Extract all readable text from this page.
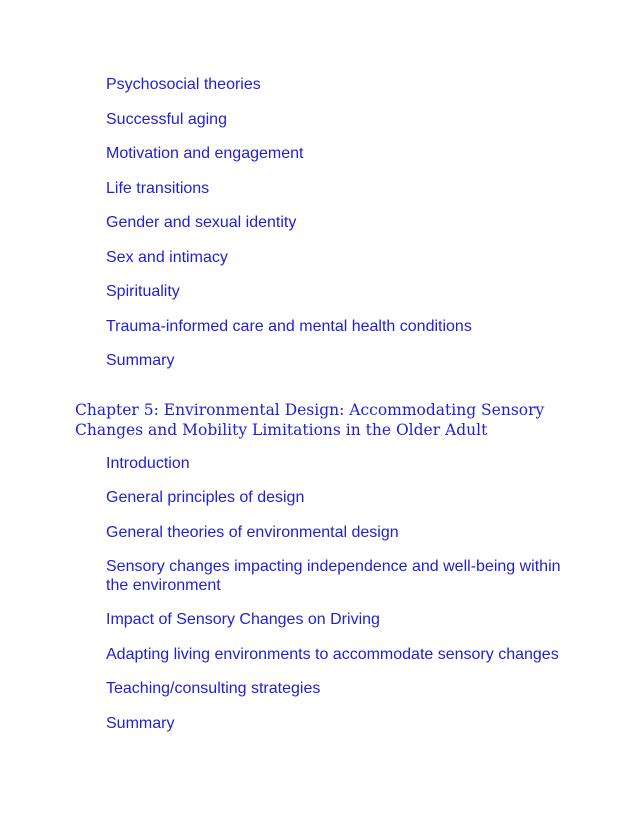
Psychosocial theories
Successful aging
Motivation and engagement
Life transitions
Gender and sexual identity
Sex and intimacy
Spirituality
Trauma-informed care and mental health conditions
Summary
Chapter 5: Environmental Design: Accommodating Sensory Changes and Mobility Limitations in the Older Adult
Introduction
General principles of design
General theories of environmental design
Sensory changes impacting independence and well-being within the environment
Impact of Sensory Changes on Driving
Adapting living environments to accommodate sensory changes
Teaching/consulting strategies
Summary
